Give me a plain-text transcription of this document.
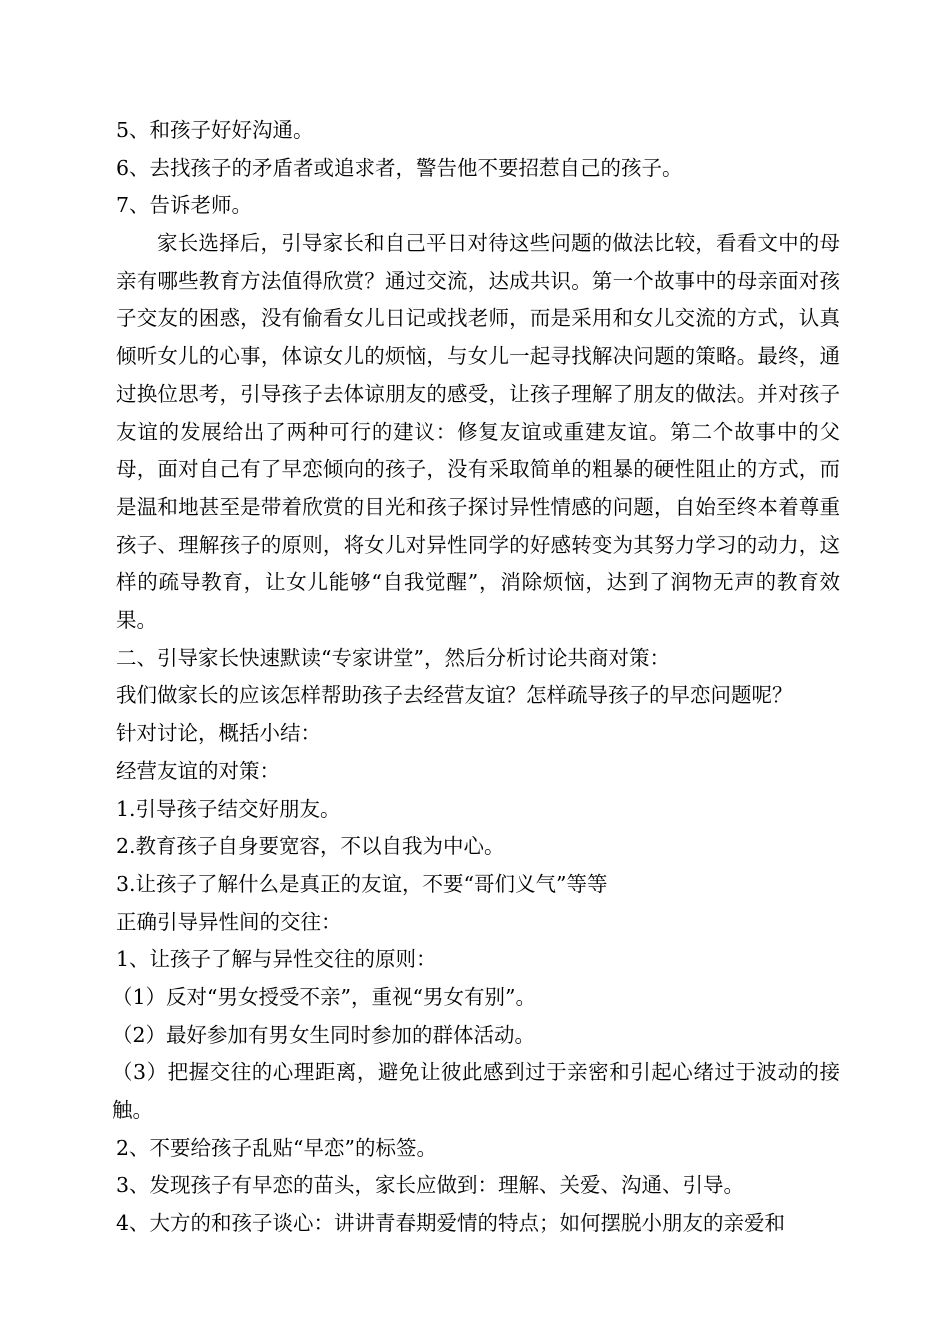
5、和孩子好好沟通。
6、去找孩子的矛盾者或追求者，警告他不要招惹自己的孩子。
7、告诉老师。
家长选择后，引导家长和自己平日对待这些问题的做法比较，看看文中的母亲有哪些教育方法值得欣赏？通过交流，达成共识。第一个故事中的母亲面对孩子交友的困惑，没有偷看女儿日记或找老师，而是采用和女儿交流的方式，认真倾听女儿的心事，体谅女儿的烦恼，与女儿一起寻找解决问题的策略。最终，通过换位思考，引导孩子去体谅朋友的感受，让孩子理解了朋友的做法。并对孩子友谊的发展给出了两种可行的建议：修复友谊或重建友谊。第二个故事中的父母，面对自己有了早恋倾向的孩子，没有采取简单的粗暴的硬性阻止的方式，而是温和地甚至是带着欣赏的目光和孩子探讨异性情感的问题，自始至终本着尊重孩子、理解孩子的原则，将女儿对异性同学的好感转变为其努力学习的动力，这样的疏导教育，让女儿能够“自我觉醒”，消除烦恼，达到了润物无声的教育效果。
二、引导家长快速默读“专家讲堂”，然后分析讨论共商对策：
我们做家长的应该怎样帮助孩子去经营友谊？怎样疏导孩子的早恋问题呢？
针对讨论，概括小结：
经营友谊的对策：
1.引导孩子结交好朋友。
2.教育孩子自身要宽容，不以自我为中心。
3.让孩子了解什么是真正的友谊，不要“哥们义气”等等
正确引导异性间的交往：
1、让孩子了解与异性交往的原则：
（1）反对“男女授受不亲”，重视“男女有别”。
（2）最好参加有男女生同时参加的群体活动。
（3）把握交往的心理距离，避免让彼此感到过于亲密和引起心绪过于波动的接触。
2、不要给孩子乱贴“早恋”的标签。
3、发现孩子有早恋的苗头，家长应做到：理解、关爱、沟通、引导。
4、大方的和孩子谈心：讲讲青春期爱情的特点；如何摆脱小朋友的亲爱和
